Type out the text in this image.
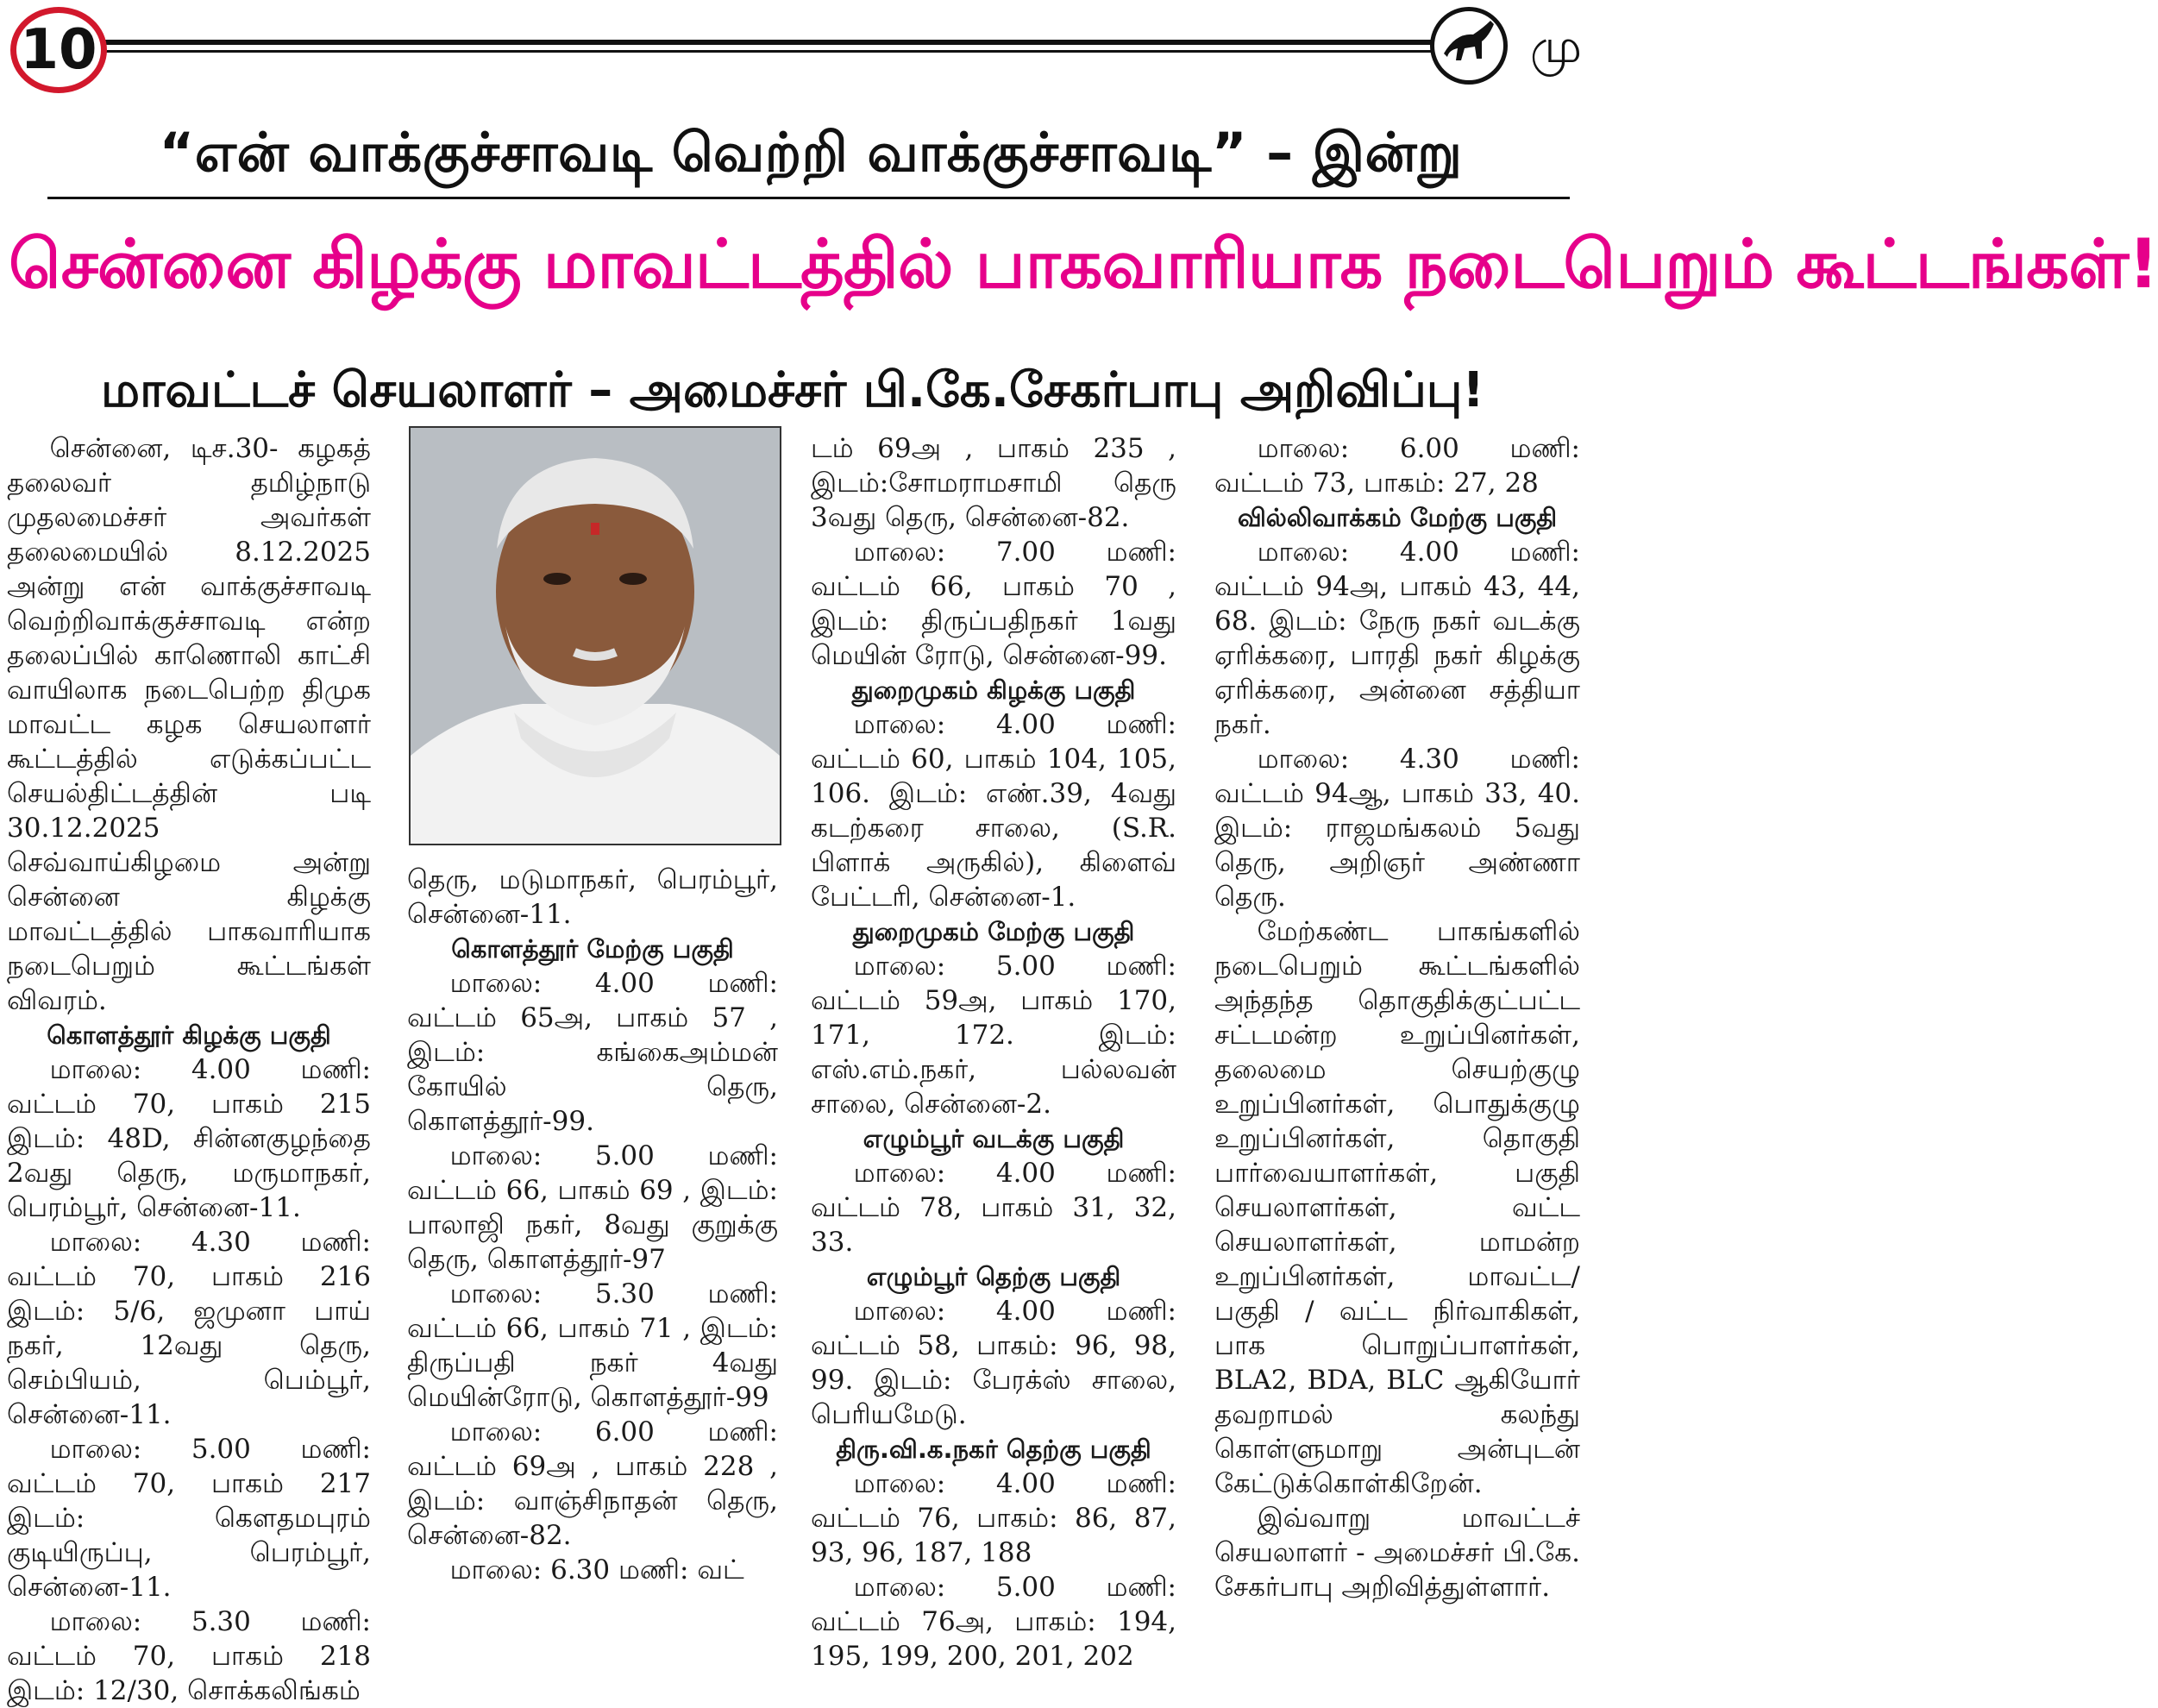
10	மு
“என் வாக்குச்சாவடி வெற்றி வாக்குச்சாவடி” – இன்று
சென்னை கிழக்கு மாவட்டத்தில் பாகவாரியாக நடைபெறும் கூட்டங்கள்!
மாவட்டச் செயலாளர் – அமைச்சர் பி.கே.சேகர்பாபு அறிவிப்பு!

சென்னை, டிச.30- கழகத் தலைவர் தமிழ்நாடு முதலமைச்சர் அவர்கள் தலைமையில் 8.12.2025 அன்று என் வாக்குச்சாவடி வெற்றிவாக்குச்சாவடி என்ற தலைப்பில் காணொலி காட்சி வாயிலாக நடைபெற்ற திமுக மாவட்ட கழக செயலாளர் கூட்டத்தில் எடுக்கப்பட்ட செயல்திட்டத்தின் படி 30.12.2025 செவ்வாய்கிழமை அன்று சென்னை கிழக்கு மாவட்டத்தில் பாகவாரியாக நடைபெறும் கூட்டங்கள் விவரம்.

கொளத்தூர் கிழக்கு பகுதி

மாலை: 4.00 மணி: வட்டம் 70, பாகம் 215 இடம்: 48D, சின்னகுழந்தை 2வது தெரு, மருமாநகர், பெரம்பூர், சென்னை-11.

மாலை: 4.30 மணி: வட்டம் 70, பாகம் 216 இடம்: 5/6, ஜமுனா பாய் நகர், 12வது தெரு, செம்பியம், பெம்பூர், சென்னை-11.

மாலை: 5.00 மணி: வட்டம் 70, பாகம் 217 இடம்: கௌதமபுரம் குடியிருப்பு, பெரம்பூர், சென்னை-11.

மாலை: 5.30 மணி: வட்டம் 70, பாகம் 218 இடம்: 12/30, சொக்கலிங்கம்

தெரு, மடுமாநகர், பெரம்பூர், சென்னை-11.

கொளத்தூர் மேற்கு பகுதி

மாலை: 4.00 மணி: வட்டம் 65அ, பாகம் 57 , இடம்: கங்கைஅம்மன் கோயில் தெரு, கொளத்தூர்-99.

மாலை: 5.00 மணி: வட்டம் 66, பாகம் 69 , இடம்: பாலாஜி நகர், 8வது குறுக்கு தெரு, கொளத்தூர்-97

மாலை: 5.30 மணி: வட்டம் 66, பாகம் 71 , இடம்: திருப்பதி நகர் 4வது மெயின்ரோடு, கொளத்தூர்-99

மாலை: 6.00 மணி: வட்டம் 69அ , பாகம் 228 , இடம்: வாஞ்சிநாதன் தெரு, சென்னை-82.

மாலை: 6.30 மணி: வட்

டம் 69அ , பாகம் 235 , இடம்:சோமராமசாமி தெரு 3வது தெரு, சென்னை-82.

மாலை: 7.00 மணி: வட்டம் 66, பாகம் 70 , இடம்: திருப்பதிநகர் 1வது மெயின் ரோடு, சென்னை-99.

துறைமுகம் கிழக்கு பகுதி

மாலை: 4.00 மணி: வட்டம் 60, பாகம் 104, 105, 106. இடம்: எண்.39, 4வது கடற்கரை சாலை, (S.R. பிளாக் அருகில்), கிளைவ் பேட்டரி, சென்னை-1.

துறைமுகம் மேற்கு பகுதி

மாலை: 5.00 மணி: வட்டம் 59அ, பாகம் 170, 171, 172. இடம்: எஸ்.எம்.நகர், பல்லவன் சாலை, சென்னை-2.

எழும்பூர் வடக்கு பகுதி

மாலை: 4.00 மணி: வட்டம் 78, பாகம் 31, 32, 33.

எழும்பூர் தெற்கு பகுதி

மாலை: 4.00 மணி: வட்டம் 58, பாகம்: 96, 98, 99. இடம்: பேரக்ஸ் சாலை, பெரியமேடு.

திரு.வி.க.நகர் தெற்கு பகுதி

மாலை: 4.00 மணி: வட்டம் 76, பாகம்: 86, 87, 93, 96, 187, 188

மாலை: 5.00 மணி: வட்டம் 76அ, பாகம்: 194, 195, 199, 200, 201, 202

மாலை: 6.00 மணி: வட்டம் 73, பாகம்: 27, 28

வில்லிவாக்கம் மேற்கு பகுதி

மாலை: 4.00 மணி: வட்டம் 94அ, பாகம் 43, 44, 68. இடம்: நேரு நகர் வடக்கு ஏரிக்கரை, பாரதி நகர் கிழக்கு ஏரிக்கரை, அன்னை சத்தியா நகர்.

மாலை: 4.30 மணி: வட்டம் 94ஆ, பாகம் 33, 40. இடம்: ராஜமங்கலம் 5வது தெரு, அறிஞர் அண்ணா தெரு.

மேற்கண்ட பாகங்களில் நடைபெறும் கூட்டங்களில் அந்தந்த தொகுதிக்குட்பட்ட சட்டமன்ற உறுப்பினர்கள், தலைமை செயற்குழு உறுப்பினர்கள், பொதுக்குழு உறுப்பினர்கள், தொகுதி பார்வையாளர்கள், பகுதி செயலாளர்கள், வட்ட செயலாளர்கள், மாமன்ற உறுப்பினர்கள், மாவட்ட/ பகுதி / வட்ட நிர்வாகிகள், பாக பொறுப்பாளர்கள், BLA2, BDA, BLC ஆகியோர் தவறாமல் கலந்து கொள்ளுமாறு அன்புடன் கேட்டுக்கொள்கிறேன்.

இவ்வாறு மாவட்டச் செயலாளர் - அமைச்சர் பி.கே. சேகர்பாபு அறிவித்துள்ளார்.
